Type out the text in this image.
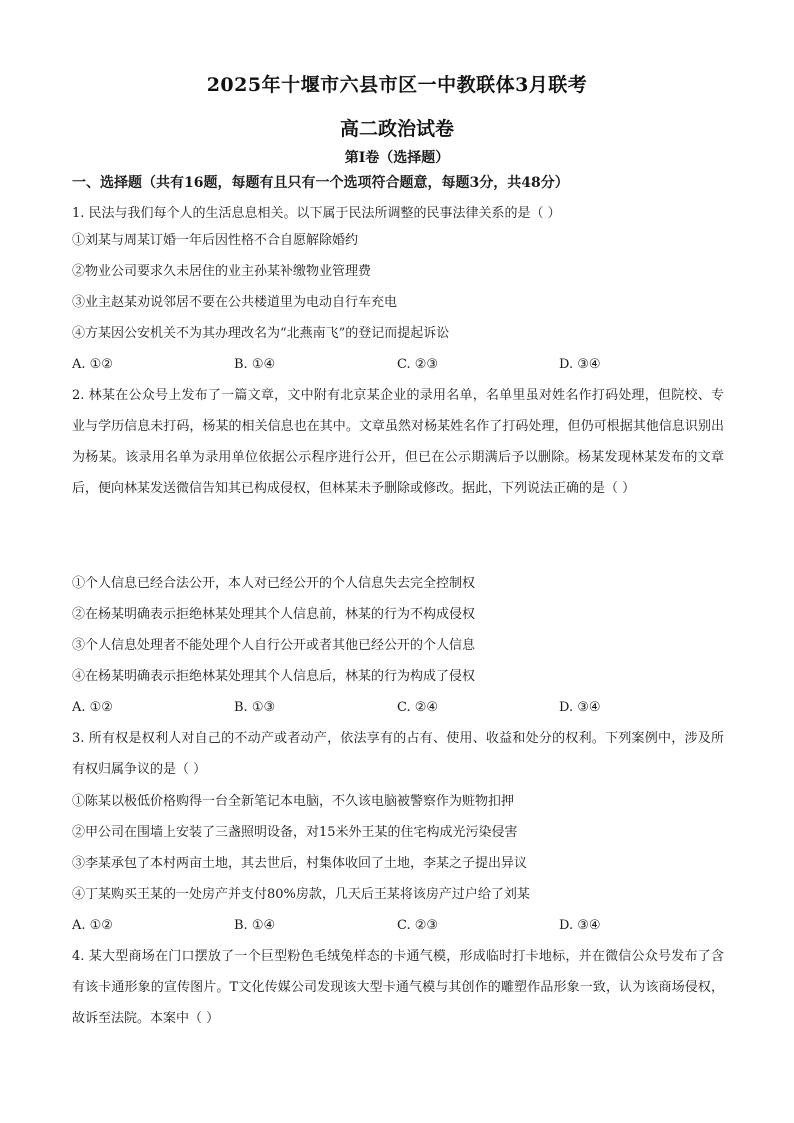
2025年十堰市六县市区一中教联体3月联考
高二政治试卷
第Ⅰ卷（选择题）
一、选择题（共有16题，每题有且只有一个选项符合题意，每题3分，共48分）
1. 民法与我们每个人的生活息息相关。以下属于民法所调整的民事法律关系的是（ ）
①刘某与周某订婚一年后因性格不合自愿解除婚约
②物业公司要求久未居住的业主孙某补缴物业管理费
③业主赵某劝说邻居不要在公共楼道里为电动自行车充电
④方某因公安机关不为其办理改名为“北燕南飞”的登记而提起诉讼
A. ①②	B. ①④	C. ②③	D. ③④
2. 林某在公众号上发布了一篇文章，文中附有北京某企业的录用名单，名单里虽对姓名作打码处理，但院校、专业与学历信息未打码，杨某的相关信息也在其中。文章虽然对杨某姓名作了打码处理，但仍可根据其他信息识别出为杨某。该录用名单为录用单位依据公示程序进行公开，但已在公示期满后予以删除。杨某发现林某发布的文章后，便向林某发送微信告知其已构成侵权，但林某未予删除或修改。据此，下列说法正确的是（ ）
①个人信息已经合法公开，本人对已经公开的个人信息失去完全控制权
②在杨某明确表示拒绝林某处理其个人信息前，林某的行为不构成侵权
③个人信息处理者不能处理个人自行公开或者其他已经公开的个人信息
④在杨某明确表示拒绝林某处理其个人信息后，林某的行为构成了侵权
A. ①②	B. ①③	C. ②④	D. ③④
3. 所有权是权利人对自己的不动产或者动产，依法享有的占有、使用、收益和处分的权利。下列案例中，涉及所有权归属争议的是（ ）
①陈某以极低价格购得一台全新笔记本电脑，不久该电脑被警察作为赃物扣押
②甲公司在围墙上安装了三盏照明设备，对15米外王某的住宅构成光污染侵害
③李某承包了本村两亩土地，其去世后，村集体收回了土地，李某之子提出异议
④丁某购买王某的一处房产并支付80%房款，几天后王某将该房产过户给了刘某
A. ①②	B. ①④	C. ②③	D. ③④
4. 某大型商场在门口摆放了一个巨型粉色毛绒兔样态的卡通气模，形成临时打卡地标，并在微信公众号发布了含有该卡通形象的宣传图片。T文化传媒公司发现该大型卡通气模与其创作的雕塑作品形象一致，认为该商场侵权，故诉至法院。本案中（ ）
